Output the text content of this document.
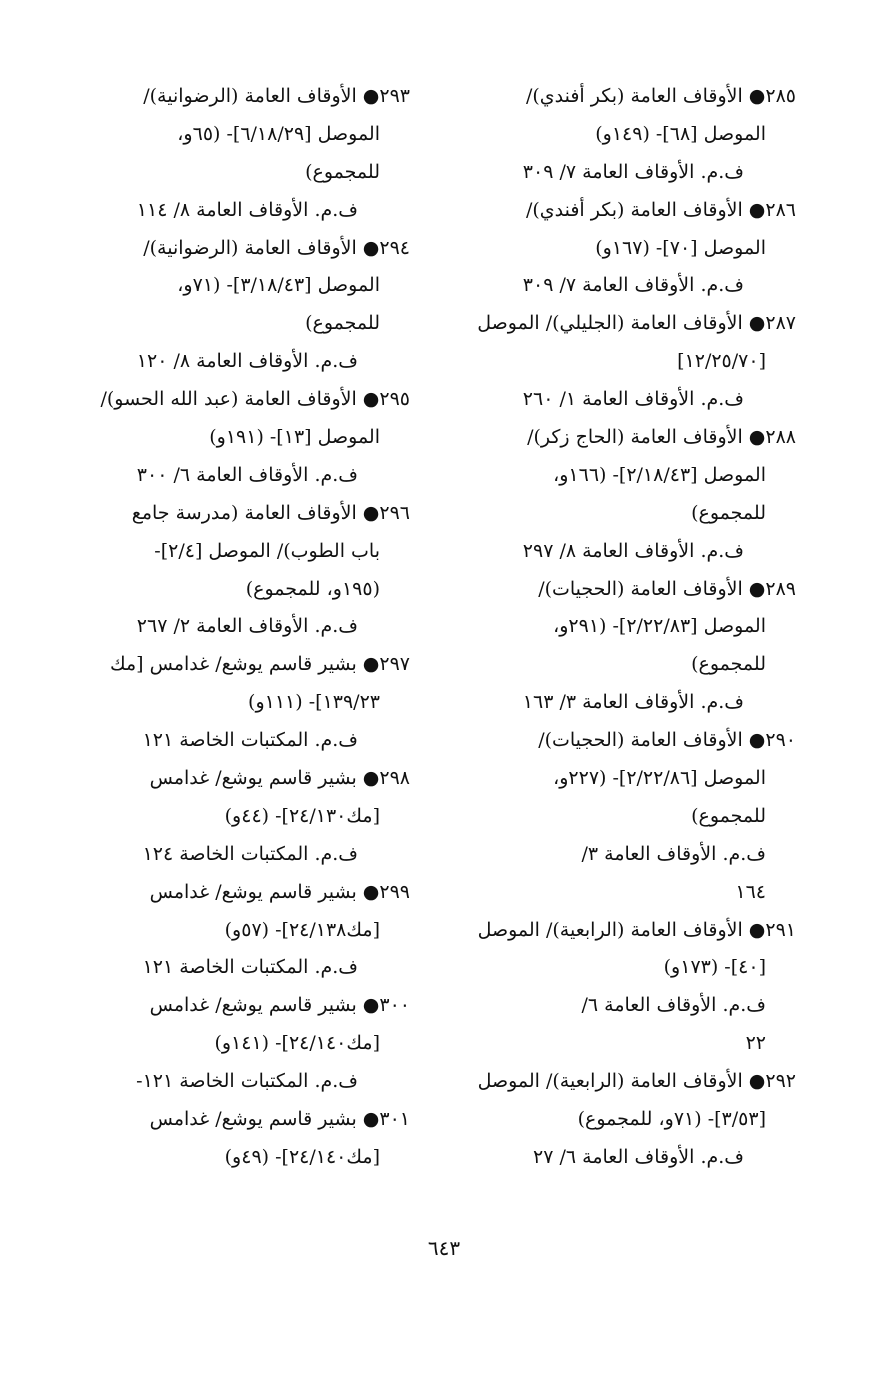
٢٨٥● الأوقاف العامة (بكر أفندي)/
الموصل [٦٨]- (١٤٩و)
ف.م. الأوقاف العامة ٧/ ٣٠٩
٢٨٦● الأوقاف العامة (بكر أفندي)/
الموصل [٧٠]- (١٦٧و)
ف.م. الأوقاف العامة ٧/ ٣٠٩
٢٨٧● الأوقاف العامة (الجليلي)/ الموصل
[١٢/٢٥/٧٠]
ف.م. الأوقاف العامة ١/ ٢٦٠
٢٨٨● الأوقاف العامة (الحاج زكر)/
الموصل [٢/١٨/٤٣]- (١٦٦و،
للمجموع)
ف.م. الأوقاف العامة ٨/ ٢٩٧
٢٨٩● الأوقاف العامة (الحجيات)/
الموصل [٢/٢٢/٨٣]- (٢٩١و،
للمجموع)
ف.م. الأوقاف العامة ٣/ ١٦٣
٢٩٠● الأوقاف العامة (الحجيات)/
الموصل [٢/٢٢/٨٦]- (٢٢٧و،
للمجموع)
ف.م. الأوقاف العامة ٣/
١٦٤
٢٩١● الأوقاف العامة (الرابعية)/ الموصل
[٤٠]- (١٧٣و)
ف.م. الأوقاف العامة ٦/
٢٢
٢٩٢● الأوقاف العامة (الرابعية)/ الموصل
[٣/٥٣]- (٧١و، للمجموع)
ف.م. الأوقاف العامة ٦/ ٢٧
٢٩٣● الأوقاف العامة (الرضوانية)/
الموصل [٦/١٨/٢٩]- (٦٥و،
للمجموع)
ف.م. الأوقاف العامة ٨/ ١١٤
٢٩٤● الأوقاف العامة (الرضوانية)/
الموصل [٣/١٨/٤٣]- (٧١و،
للمجموع)
ف.م. الأوقاف العامة ٨/ ١٢٠
٢٩٥● الأوقاف العامة (عبد الله الحسو)/
الموصل [١٣]- (١٩١و)
ف.م. الأوقاف العامة ٦/ ٣٠٠
٢٩٦● الأوقاف العامة (مدرسة جامع
باب الطوب)/ الموصل [٢/٤]-
(١٩٥و، للمجموع)
ف.م. الأوقاف العامة ٢/ ٢٦٧
٢٩٧● بشير قاسم يوشع/ غدامس [مك
١٣٩/٢٣]- (١١١و)
ف.م. المكتبات الخاصة ١٢١
٢٩٨● بشير قاسم يوشع/ غدامس
[مك٢٤/١٣٠]- (٤٤و)
ف.م. المكتبات الخاصة ١٢٤
٢٩٩● بشير قاسم يوشع/ غدامس
[مك٢٤/١٣٨]- (٥٧و)
ف.م. المكتبات الخاصة ١٢١
٣٠٠● بشير قاسم يوشع/ غدامس
[مك٢٤/١٤٠]- (١٤١و)
ف.م. المكتبات الخاصة ١٢١-
٣٠١● بشير قاسم يوشع/ غدامس
[مك٢٤/١٤٠]- (٤٩و)
٦٤٣
